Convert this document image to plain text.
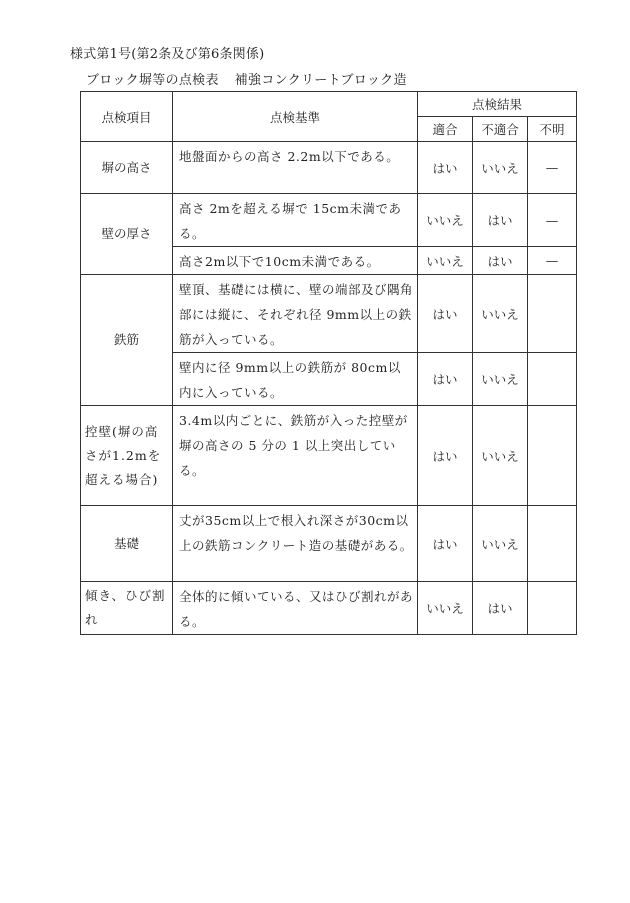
様式第1号(第2条及び第6条関係)
ブロック塀等の点検表 補強コンクリートブロック造
点検項目	点検基準	点検結果		
		適合	不適合	不明
塀の高さ	地盤面からの高さ 2.2m以下である。	はい	いいえ	—
壁の厚さ	高さ 2mを超える塀で 15cm未満である。	いいえ	はい	—
	高さ2m以下で10cm未満である。	いいえ	はい	—
鉄筋	壁頂、基礎には横に、壁の端部及び隅角部には縦に、それぞれ径 9mm以上の鉄筋が入っている。	はい	いいえ	
	壁内に径 9mm以上の鉄筋が 80cm以内に入っている。	はい	いいえ	
控壁(塀の高さが1.2mを超える場合)	3.4m以内ごとに、鉄筋が入った控壁が塀の高さの 5 分の 1 以上突出している。	はい	いいえ	
基礎	丈が35cm以上で根入れ深さが30cm以上の鉄筋コンクリート造の基礎がある。	はい	いいえ	
傾き、ひび割れ	全体的に傾いている、又はひび割れがある。	いいえ	はい	
